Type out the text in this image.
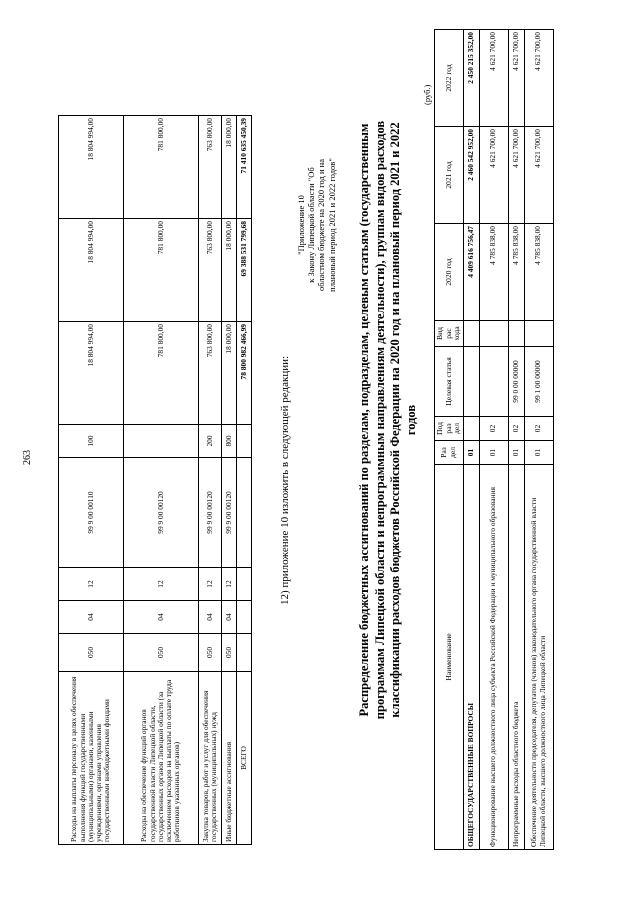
263
Расходы на выплаты персоналу в целях обеспечения выполнения функций государственными (муниципальными) органами, казенными учреждениями, органами управления государственными внебюджетными фондами	050	04	12	99 9 00 00110	100	18 804 994,00	18 804 994,00	18 804 994,00
Расходы на обеспечение функций органов государственной власти Липецкой области, государственных органов Липецкой области (за исключением расходов на выплаты по оплате труда работников указанных органов)	050	04	12	99 9 00 00120		781 800,00	781 800,00	781 800,00
Закупка товаров, работ и услуг для обеспечения государственных (муниципальных) нужд	050	04	12	99 9 00 00120	200	763 800,00	763 800,00	763 800,00
Иные бюджетные ассигнования	050	04	12	99 9 00 00120	800	18 000,00	18 000,00	18 000,00
ВСЕГО						78 800 982 466,99	69 388 531 799,68	71 410 635 450,39
12) приложение 10 изложить в следующей редакции:
"Приложение 10 к Закону Липецкой области "Об областном бюджете на 2020 год и на плановый период 2021 и 2022 годов" Распределение бюджетных ассигнований по разделам, подразделам, целевым статьям (государственным программам Липецкой области и непрограммным направлениям деятельности), группам видов расходов классификации расходов бюджетов Российской Федерации на 2020 год и на плановый период 2021 и 2022 годов
(руб.)
Наименование	Раз дел	Под раз дел	Целевая статья	Вид рас хода	2020 год	2021 год	2022 год
ОБЩЕГОСУДАРСТВЕННЫЕ ВОПРОСЫ	01				4 409 616 756,47	2 460 542 952,00	2 450 215 352,00
Функционирование высшего должностного лица субъекта Российской Федерации и муниципального образования	01	02			4 785 838,00	4 621 700,00	4 621 700,00
Непрограммные расходы областного бюджета	01	02	99 0 00 00000		4 785 838,00	4 621 700,00	4 621 700,00
Обеспечение деятельности председателя, депутатов (членов) законодательного органа государственной власти Липецкой области, высшего должностного лица Липецкой области	01	02	99 1 00 00000		4 785 838,00	4 621 700,00	4 621 700,00
